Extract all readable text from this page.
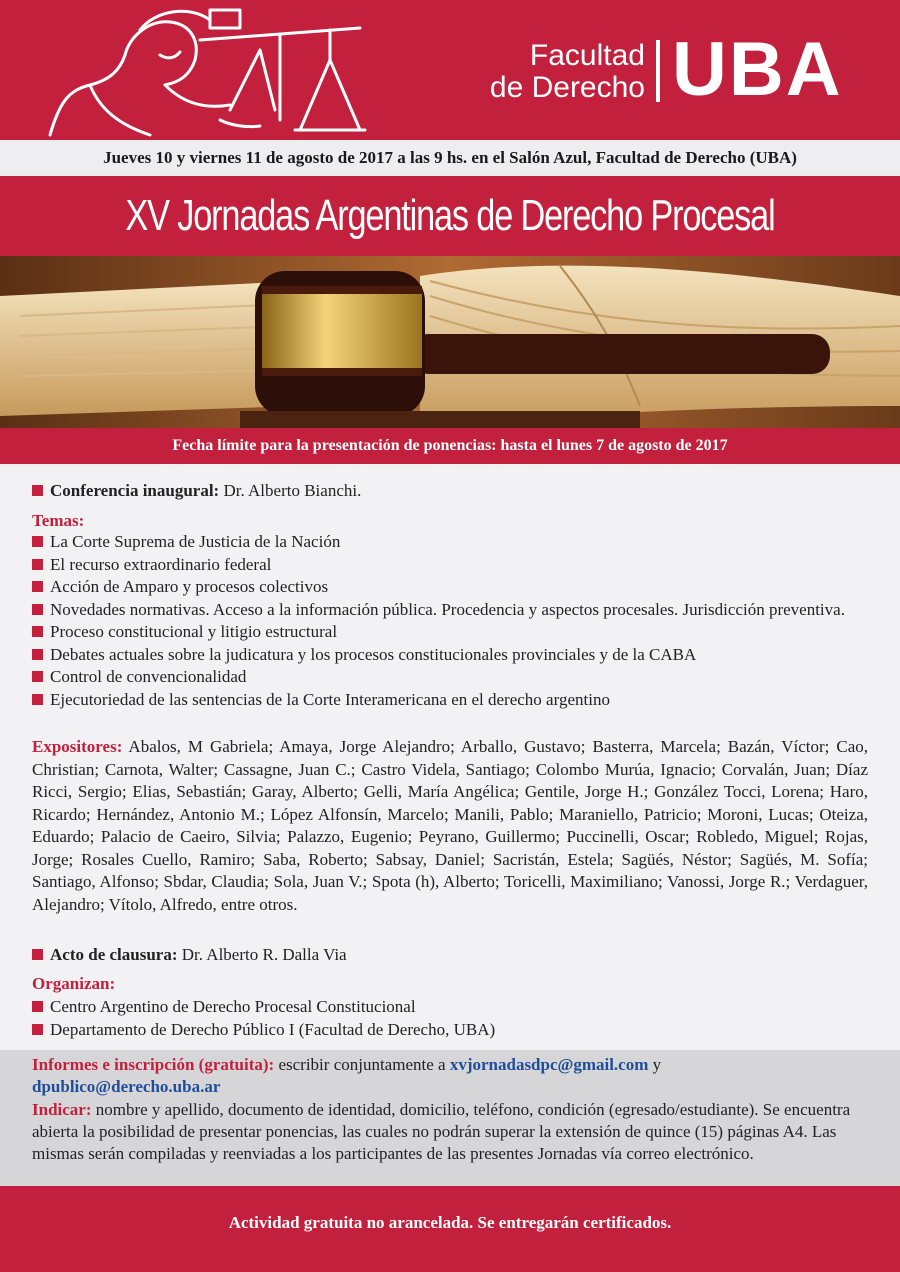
Facultad
de Derecho UBA
Jueves 10 y viernes 11 de agosto de 2017 a las 9 hs. en el Salón Azul, Facultad de Derecho (UBA)
XV Jornadas Argentinas de Derecho Procesal
Fecha límite para la presentación de ponencias: hasta el lunes 7 de agosto de 2017
Conferencia inaugural: Dr. Alberto Bianchi.
Temas:
La Corte Suprema de Justicia de la Nación
El recurso extraordinario federal
Acción de Amparo y procesos colectivos
Novedades normativas. Acceso a la información pública. Procedencia y aspectos procesales. Jurisdicción preventiva.
Proceso constitucional y litigio estructural
Debates actuales sobre la judicatura y los procesos constitucionales provinciales y de la CABA
Control de convencionalidad
Ejecutoriedad de las sentencias de la Corte Interamericana en el derecho argentino
Expositores: Abalos, M Gabriela; Amaya, Jorge Alejandro; Arballo, Gustavo; Basterra, Marcela; Bazán, Víctor; Cao, Christian; Carnota, Walter; Cassagne, Juan C.; Castro Videla, Santiago; Colombo Murúa, Ignacio; Corvalán, Juan; Díaz Ricci, Sergio; Elias, Sebastián; Garay, Alberto; Gelli, María Angélica; Gentile, Jorge H.; González Tocci, Lorena; Haro, Ricardo; Hernández, Antonio M.; López Alfonsín, Marcelo; Manili, Pablo; Maraniello, Patricio; Moroni, Lucas; Oteiza, Eduardo; Palacio de Caeiro, Silvia; Palazzo, Eugenio; Peyrano, Guillermo; Puccinelli, Oscar; Robledo, Miguel; Rojas, Jorge; Rosales Cuello, Ramiro; Saba, Roberto; Sabsay, Daniel; Sacristán, Estela; Sagüés, Néstor; Sagüés, M. Sofía; Santiago, Alfonso; Sbdar, Claudia; Sola, Juan V.; Spota (h), Alberto; Toricelli, Maximiliano; Vanossi, Jorge R.; Verdaguer, Alejandro; Vítolo, Alfredo, entre otros.
Acto de clausura: Dr. Alberto R. Dalla Via
Organizan:
Centro Argentino de Derecho Procesal Constitucional
Departamento de Derecho Público I (Facultad de Derecho, UBA)
Informes e inscripción (gratuita): escribir conjuntamente a xvjornadasdpc@gmail.com y
dpublico@derecho.uba.ar
Indicar: nombre y apellido, documento de identidad, domicilio, teléfono, condición (egresado/estudiante). Se encuentra abierta la posibilidad de presentar ponencias, las cuales no podrán superar la extensión de quince (15) páginas A4. Las mismas serán compiladas y reenviadas a los participantes de las presentes Jornadas vía correo electrónico.
Actividad gratuita no arancelada. Se entregarán certificados.
